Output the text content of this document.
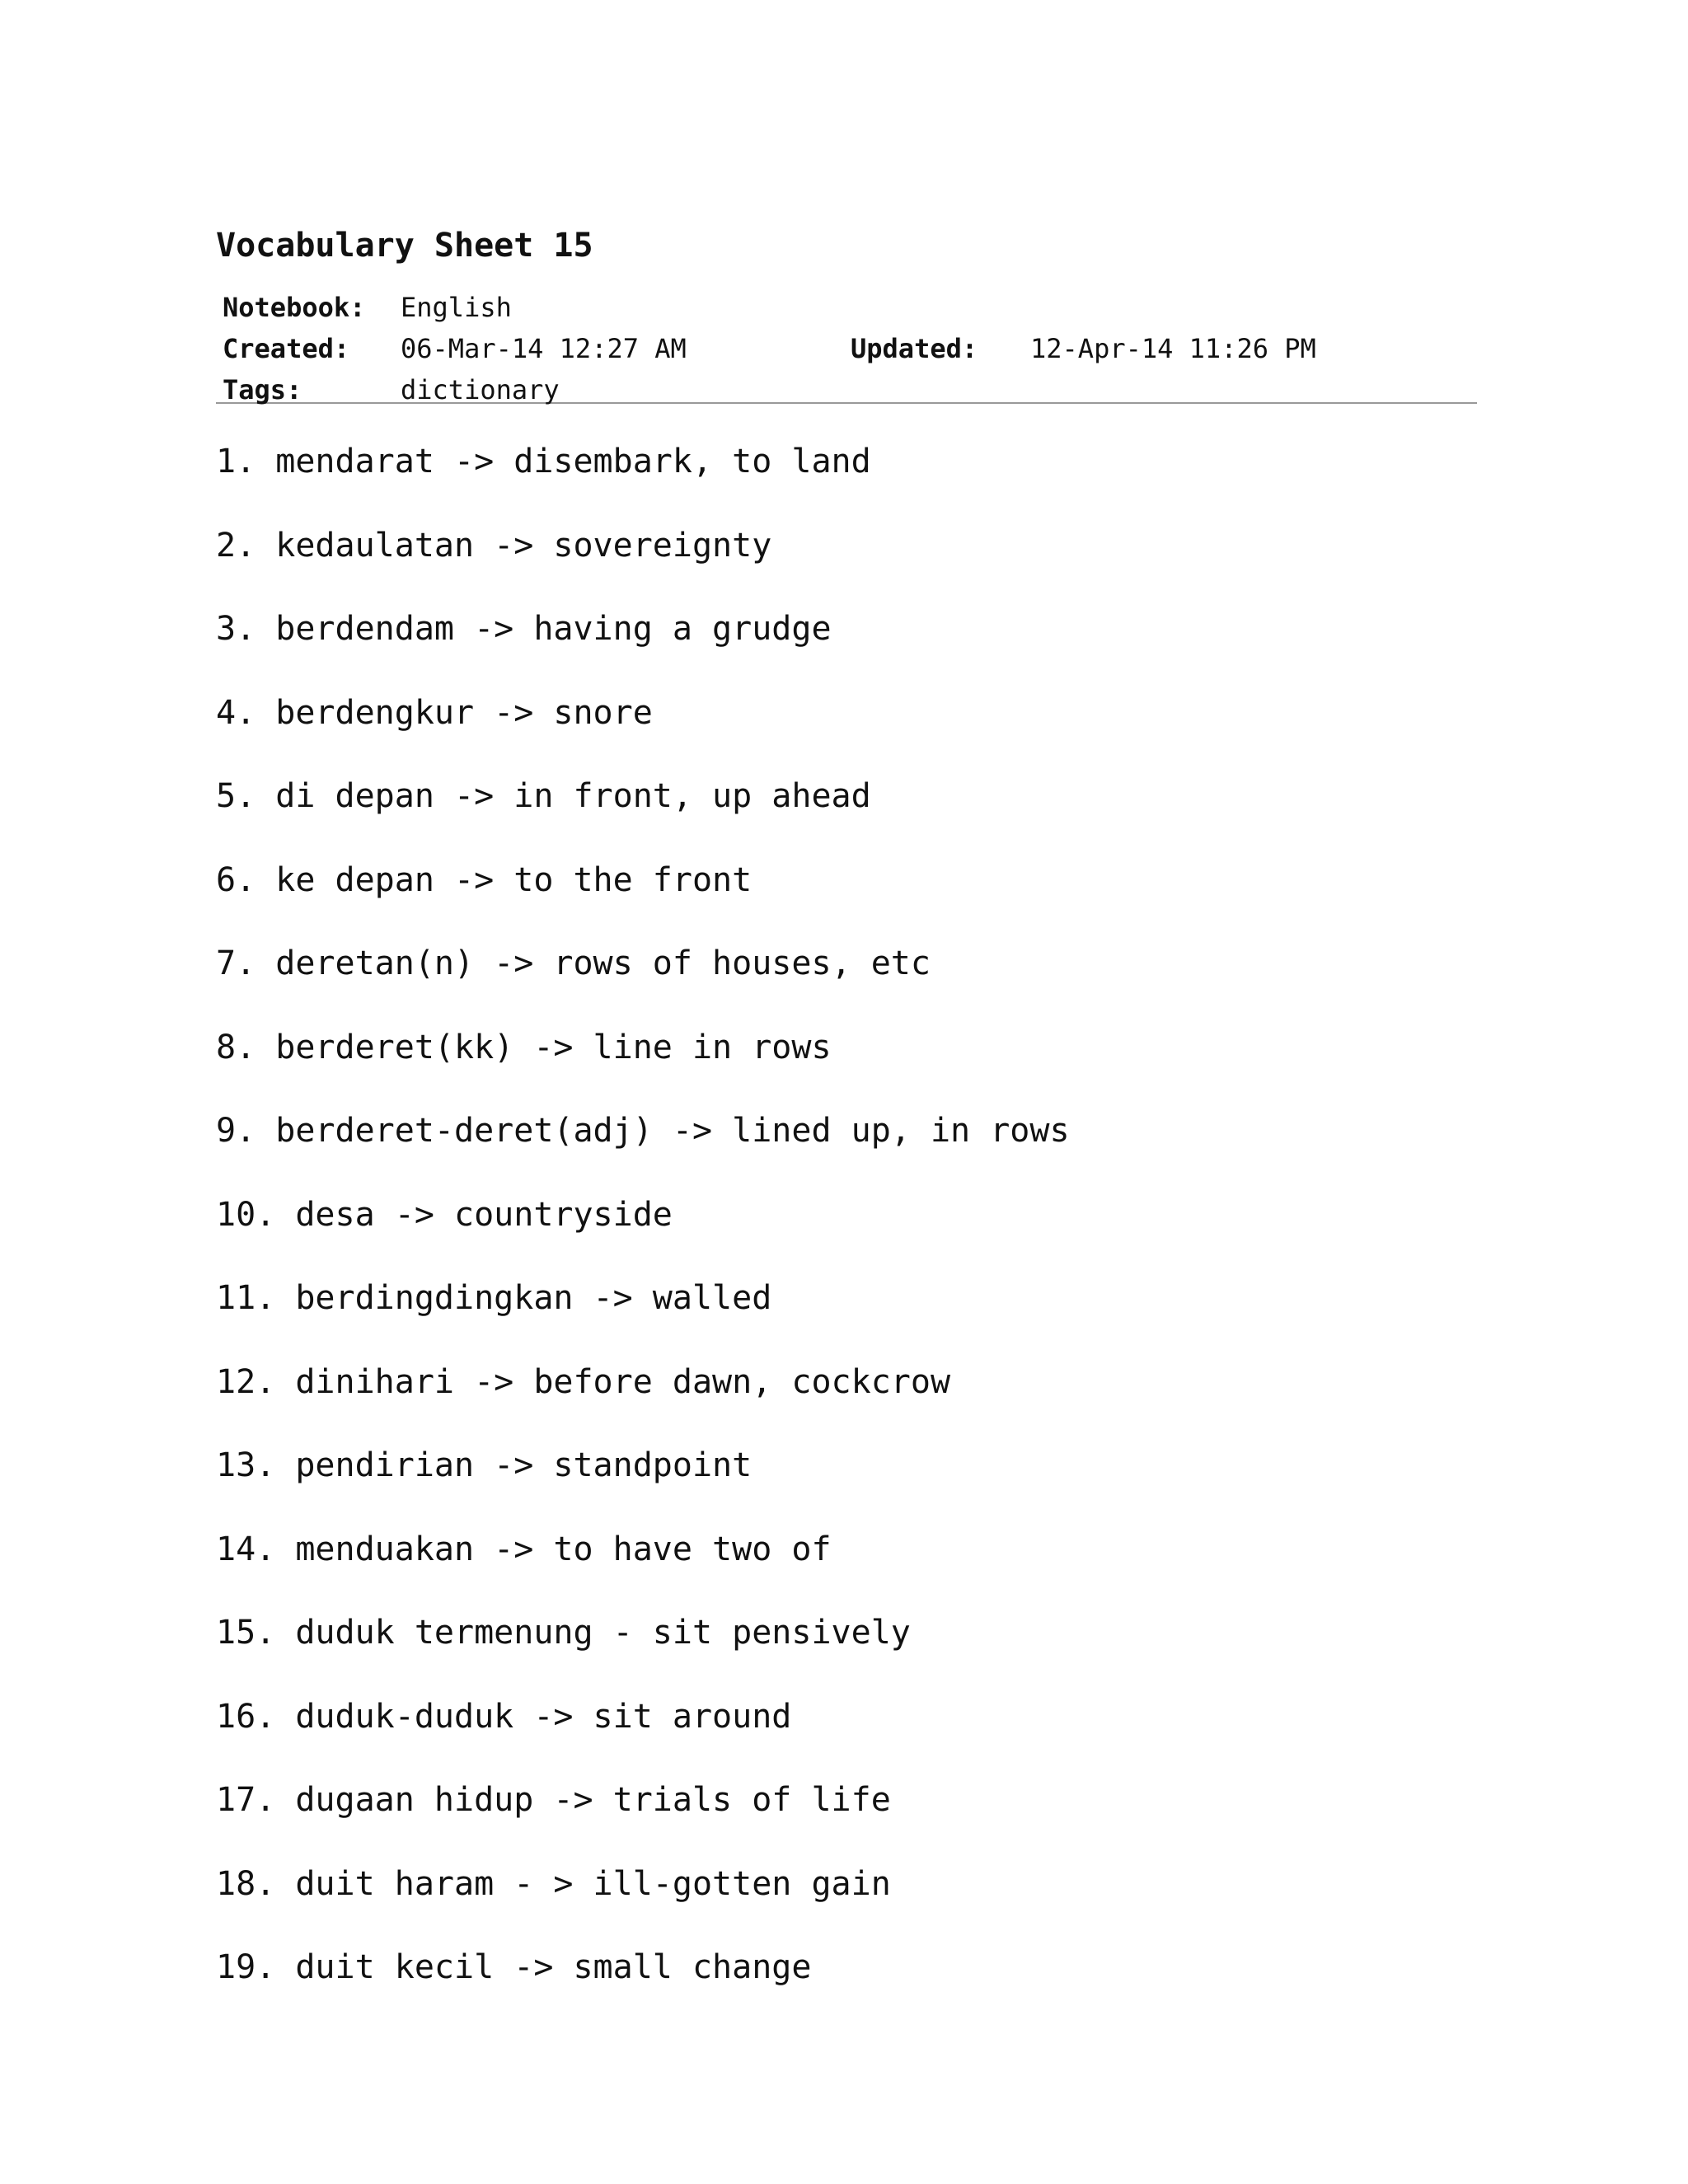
Vocabulary Sheet 15
Notebook: English
Created: 06-Mar-14 12:27 AM	Updated: 12-Apr-14 11:26 PM
Tags:	dictionary
1. mendarat -> disembark, to land
2. kedaulatan -> sovereignty
3. berdendam -> having a grudge
4. berdengkur -> snore
5. di depan -> in front, up ahead
6. ke depan -> to the front
7. deretan(n) -> rows of houses, etc
8. berderet(kk) -> line in rows
9. berderet-deret(adj) -> lined up, in rows
10. desa -> countryside
11. berdingdingkan -> walled
12. dinihari -> before dawn, cockcrow
13. pendirian -> standpoint
14. menduakan -> to have two of
15. duduk termenung - sit pensively
16. duduk-duduk -> sit around
17. dugaan hidup -> trials of life
18. duit haram - > ill-gotten gain
19. duit kecil -> small change
